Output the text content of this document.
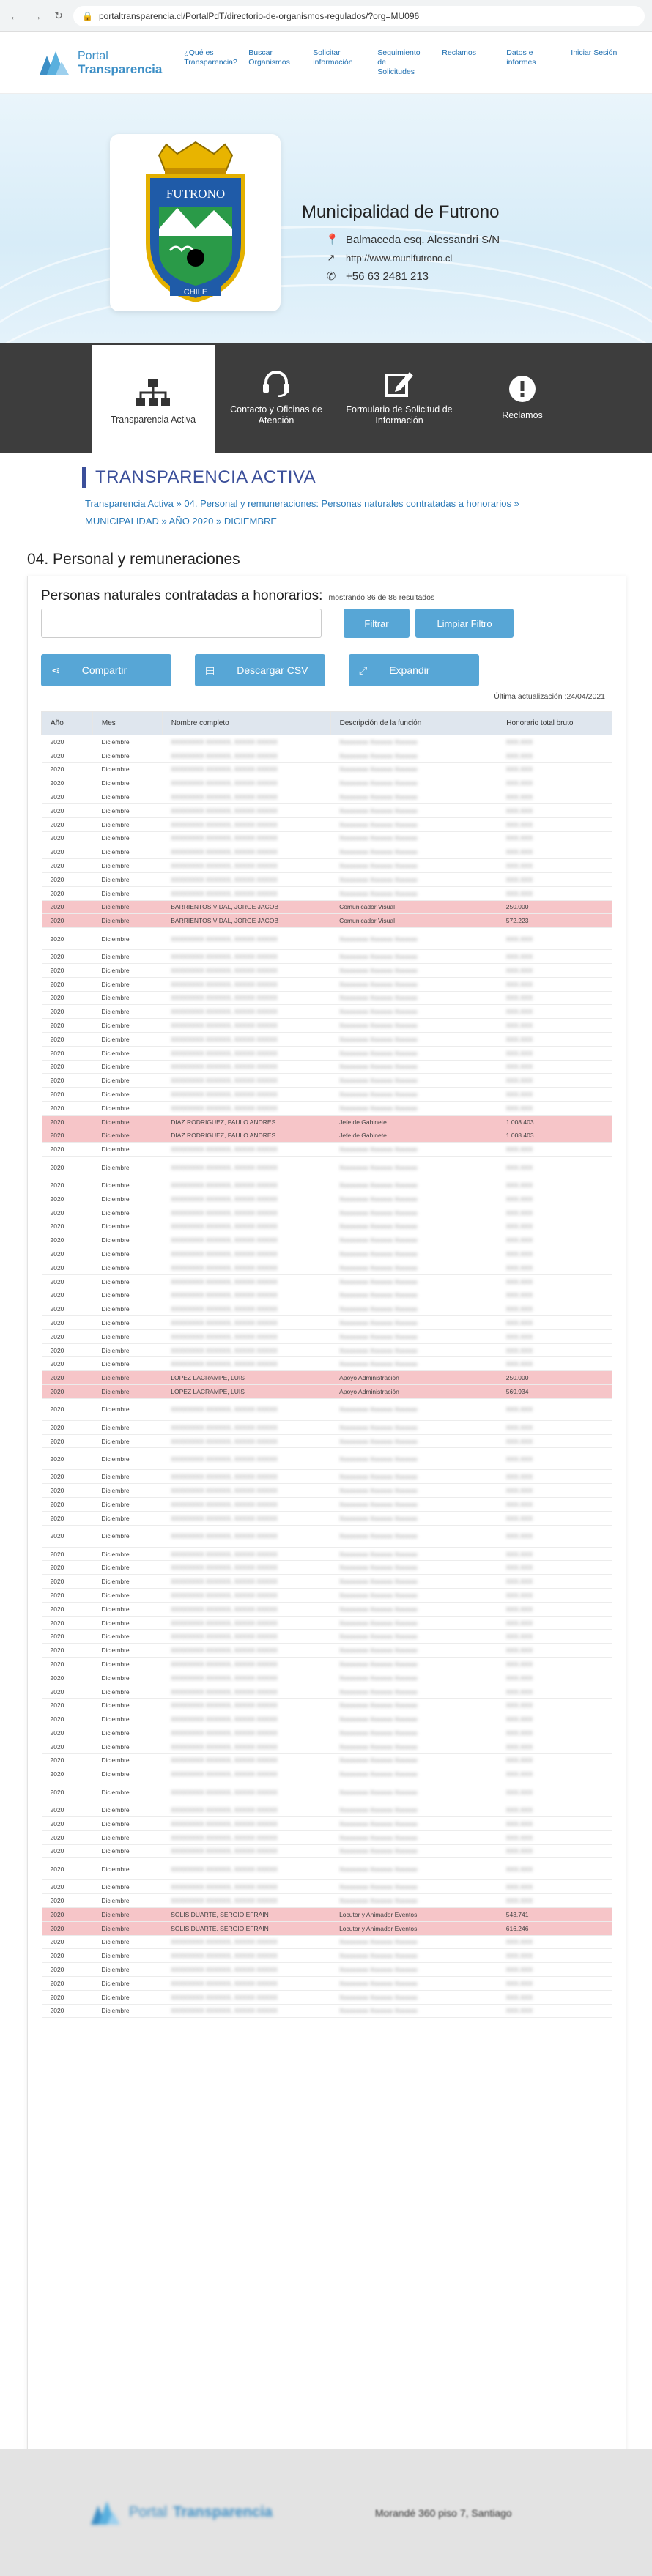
← → ↻	🔒 portaltransparencia.cl/PortalPdT/directorio-de-organismos-regulados/?org=MU096
Portal
Transparencia
¿Qué es Transparencia?
Buscar Organismos
Solicitar información
Seguimiento de Solicitudes
Reclamos	Datos e informes
Iniciar Sesión
FUTRONO
CHILE
Municipalidad de Futrono
📍 Balmaceda esq. Alessandri S/N
↗ http://www.munifutrono.cl
✆ +56 63 2481 213
Transparencia Activa
Contacto y Oficinas de Atención
Formulario de Solicitud de Información
Reclamos
TRANSPARENCIA ACTIVA
Transparencia Activa » 04. Personal y remuneraciones: Personas naturales contratadas a honorarios » MUNICIPALIDAD » AÑO 2020 » DICIEMBRE
04. Personal y remuneraciones
Personas naturales contratadas a honorarios: mostrando 86 de 86 resultados
Filtrar	Limpiar Filtro
⋖ Compartir	▤ Descargar CSV	⤢ Expandir
Última actualización :24/04/2021
Año	Mes	Nombre completo	Descripción de la función	Honorario total bruto
2020	Diciembre	XXXXXXXX XXXXXX, XXXXX XXXXX	Xxxxxxxxx Xxxxxxx Xxxxxxx	XXX.XXX
2020	Diciembre	XXXXXXXX XXXXXX, XXXXX XXXXX	Xxxxxxxxx Xxxxxxx Xxxxxxx	XXX.XXX
2020	Diciembre	XXXXXXXX XXXXXX, XXXXX XXXXX	Xxxxxxxxx Xxxxxxx Xxxxxxx	XXX.XXX
2020	Diciembre	XXXXXXXX XXXXXX, XXXXX XXXXX	Xxxxxxxxx Xxxxxxx Xxxxxxx	XXX.XXX
2020	Diciembre	XXXXXXXX XXXXXX, XXXXX XXXXX	Xxxxxxxxx Xxxxxxx Xxxxxxx	XXX.XXX
2020	Diciembre	XXXXXXXX XXXXXX, XXXXX XXXXX	Xxxxxxxxx Xxxxxxx Xxxxxxx	XXX.XXX
2020	Diciembre	XXXXXXXX XXXXXX, XXXXX XXXXX	Xxxxxxxxx Xxxxxxx Xxxxxxx	XXX.XXX
2020	Diciembre	XXXXXXXX XXXXXX, XXXXX XXXXX	Xxxxxxxxx Xxxxxxx Xxxxxxx	XXX.XXX
2020	Diciembre	XXXXXXXX XXXXXX, XXXXX XXXXX	Xxxxxxxxx Xxxxxxx Xxxxxxx	XXX.XXX
2020	Diciembre	XXXXXXXX XXXXXX, XXXXX XXXXX	Xxxxxxxxx Xxxxxxx Xxxxxxx	XXX.XXX
2020	Diciembre	XXXXXXXX XXXXXX, XXXXX XXXXX	Xxxxxxxxx Xxxxxxx Xxxxxxx	XXX.XXX
2020	Diciembre	XXXXXXXX XXXXXX, XXXXX XXXXX	Xxxxxxxxx Xxxxxxx Xxxxxxx	XXX.XXX
2020	Diciembre	BARRIENTOS VIDAL, JORGE JACOB	Comunicador Visual	250.000
2020	Diciembre	BARRIENTOS VIDAL, JORGE JACOB	Comunicador Visual	572.223
2020	Diciembre	XXXXXXXX XXXXXX, XXXXX XXXXX	Xxxxxxxxx Xxxxxxx Xxxxxxx	XXX.XXX
2020	Diciembre	XXXXXXXX XXXXXX, XXXXX XXXXX	Xxxxxxxxx Xxxxxxx Xxxxxxx	XXX.XXX
2020	Diciembre	XXXXXXXX XXXXXX, XXXXX XXXXX	Xxxxxxxxx Xxxxxxx Xxxxxxx	XXX.XXX
2020	Diciembre	XXXXXXXX XXXXXX, XXXXX XXXXX	Xxxxxxxxx Xxxxxxx Xxxxxxx	XXX.XXX
2020	Diciembre	XXXXXXXX XXXXXX, XXXXX XXXXX	Xxxxxxxxx Xxxxxxx Xxxxxxx	XXX.XXX
2020	Diciembre	XXXXXXXX XXXXXX, XXXXX XXXXX	Xxxxxxxxx Xxxxxxx Xxxxxxx	XXX.XXX
2020	Diciembre	XXXXXXXX XXXXXX, XXXXX XXXXX	Xxxxxxxxx Xxxxxxx Xxxxxxx	XXX.XXX
2020	Diciembre	XXXXXXXX XXXXXX, XXXXX XXXXX	Xxxxxxxxx Xxxxxxx Xxxxxxx	XXX.XXX
2020	Diciembre	XXXXXXXX XXXXXX, XXXXX XXXXX	Xxxxxxxxx Xxxxxxx Xxxxxxx	XXX.XXX
2020	Diciembre	XXXXXXXX XXXXXX, XXXXX XXXXX	Xxxxxxxxx Xxxxxxx Xxxxxxx	XXX.XXX
2020	Diciembre	XXXXXXXX XXXXXX, XXXXX XXXXX	Xxxxxxxxx Xxxxxxx Xxxxxxx	XXX.XXX
2020	Diciembre	XXXXXXXX XXXXXX, XXXXX XXXXX	Xxxxxxxxx Xxxxxxx Xxxxxxx	XXX.XXX
2020	Diciembre	XXXXXXXX XXXXXX, XXXXX XXXXX	Xxxxxxxxx Xxxxxxx Xxxxxxx	XXX.XXX
2020	Diciembre	DIAZ RODRIGUEZ, PAULO ANDRES	Jefe de Gabinete	1.008.403
2020	Diciembre	DIAZ RODRIGUEZ, PAULO ANDRES	Jefe de Gabinete	1.008.403
2020	Diciembre	XXXXXXXX XXXXXX, XXXXX XXXXX	Xxxxxxxxx Xxxxxxx Xxxxxxx	XXX.XXX
2020	Diciembre	XXXXXXXX XXXXXX, XXXXX XXXXX	Xxxxxxxxx Xxxxxxx Xxxxxxx	XXX.XXX
2020	Diciembre	XXXXXXXX XXXXXX, XXXXX XXXXX	Xxxxxxxxx Xxxxxxx Xxxxxxx	XXX.XXX
2020	Diciembre	XXXXXXXX XXXXXX, XXXXX XXXXX	Xxxxxxxxx Xxxxxxx Xxxxxxx	XXX.XXX
2020	Diciembre	XXXXXXXX XXXXXX, XXXXX XXXXX	Xxxxxxxxx Xxxxxxx Xxxxxxx	XXX.XXX
2020	Diciembre	XXXXXXXX XXXXXX, XXXXX XXXXX	Xxxxxxxxx Xxxxxxx Xxxxxxx	XXX.XXX
2020	Diciembre	XXXXXXXX XXXXXX, XXXXX XXXXX	Xxxxxxxxx Xxxxxxx Xxxxxxx	XXX.XXX
2020	Diciembre	XXXXXXXX XXXXXX, XXXXX XXXXX	Xxxxxxxxx Xxxxxxx Xxxxxxx	XXX.XXX
2020	Diciembre	XXXXXXXX XXXXXX, XXXXX XXXXX	Xxxxxxxxx Xxxxxxx Xxxxxxx	XXX.XXX
2020	Diciembre	XXXXXXXX XXXXXX, XXXXX XXXXX	Xxxxxxxxx Xxxxxxx Xxxxxxx	XXX.XXX
2020	Diciembre	XXXXXXXX XXXXXX, XXXXX XXXXX	Xxxxxxxxx Xxxxxxx Xxxxxxx	XXX.XXX
2020	Diciembre	XXXXXXXX XXXXXX, XXXXX XXXXX	Xxxxxxxxx Xxxxxxx Xxxxxxx	XXX.XXX
2020	Diciembre	XXXXXXXX XXXXXX, XXXXX XXXXX	Xxxxxxxxx Xxxxxxx Xxxxxxx	XXX.XXX
2020	Diciembre	XXXXXXXX XXXXXX, XXXXX XXXXX	Xxxxxxxxx Xxxxxxx Xxxxxxx	XXX.XXX
2020	Diciembre	XXXXXXXX XXXXXX, XXXXX XXXXX	Xxxxxxxxx Xxxxxxx Xxxxxxx	XXX.XXX
2020	Diciembre	XXXXXXXX XXXXXX, XXXXX XXXXX	Xxxxxxxxx Xxxxxxx Xxxxxxx	XXX.XXX
2020	Diciembre	LOPEZ LACRAMPE, LUIS	Apoyo Administración	250.000
2020	Diciembre	LOPEZ LACRAMPE, LUIS	Apoyo Administración	569.934
2020	Diciembre	XXXXXXXX XXXXXX, XXXXX XXXXX	Xxxxxxxxx Xxxxxxx Xxxxxxx	XXX.XXX
2020	Diciembre	XXXXXXXX XXXXXX, XXXXX XXXXX	Xxxxxxxxx Xxxxxxx Xxxxxxx	XXX.XXX
2020	Diciembre	XXXXXXXX XXXXXX, XXXXX XXXXX	Xxxxxxxxx Xxxxxxx Xxxxxxx	XXX.XXX
2020	Diciembre	XXXXXXXX XXXXXX, XXXXX XXXXX	Xxxxxxxxx Xxxxxxx Xxxxxxx	XXX.XXX
2020	Diciembre	XXXXXXXX XXXXXX, XXXXX XXXXX	Xxxxxxxxx Xxxxxxx Xxxxxxx	XXX.XXX
2020	Diciembre	XXXXXXXX XXXXXX, XXXXX XXXXX	Xxxxxxxxx Xxxxxxx Xxxxxxx	XXX.XXX
2020	Diciembre	XXXXXXXX XXXXXX, XXXXX XXXXX	Xxxxxxxxx Xxxxxxx Xxxxxxx	XXX.XXX
2020	Diciembre	XXXXXXXX XXXXXX, XXXXX XXXXX	Xxxxxxxxx Xxxxxxx Xxxxxxx	XXX.XXX
2020	Diciembre	XXXXXXXX XXXXXX, XXXXX XXXXX	Xxxxxxxxx Xxxxxxx Xxxxxxx	XXX.XXX
2020	Diciembre	XXXXXXXX XXXXXX, XXXXX XXXXX	Xxxxxxxxx Xxxxxxx Xxxxxxx	XXX.XXX
2020	Diciembre	XXXXXXXX XXXXXX, XXXXX XXXXX	Xxxxxxxxx Xxxxxxx Xxxxxxx	XXX.XXX
2020	Diciembre	XXXXXXXX XXXXXX, XXXXX XXXXX	Xxxxxxxxx Xxxxxxx Xxxxxxx	XXX.XXX
2020	Diciembre	XXXXXXXX XXXXXX, XXXXX XXXXX	Xxxxxxxxx Xxxxxxx Xxxxxxx	XXX.XXX
2020	Diciembre	XXXXXXXX XXXXXX, XXXXX XXXXX	Xxxxxxxxx Xxxxxxx Xxxxxxx	XXX.XXX
2020	Diciembre	XXXXXXXX XXXXXX, XXXXX XXXXX	Xxxxxxxxx Xxxxxxx Xxxxxxx	XXX.XXX
2020	Diciembre	XXXXXXXX XXXXXX, XXXXX XXXXX	Xxxxxxxxx Xxxxxxx Xxxxxxx	XXX.XXX
2020	Diciembre	XXXXXXXX XXXXXX, XXXXX XXXXX	Xxxxxxxxx Xxxxxxx Xxxxxxx	XXX.XXX
2020	Diciembre	XXXXXXXX XXXXXX, XXXXX XXXXX	Xxxxxxxxx Xxxxxxx Xxxxxxx	XXX.XXX
2020	Diciembre	XXXXXXXX XXXXXX, XXXXX XXXXX	Xxxxxxxxx Xxxxxxx Xxxxxxx	XXX.XXX
2020	Diciembre	XXXXXXXX XXXXXX, XXXXX XXXXX	Xxxxxxxxx Xxxxxxx Xxxxxxx	XXX.XXX
2020	Diciembre	XXXXXXXX XXXXXX, XXXXX XXXXX	Xxxxxxxxx Xxxxxxx Xxxxxxx	XXX.XXX
2020	Diciembre	XXXXXXXX XXXXXX, XXXXX XXXXX	Xxxxxxxxx Xxxxxxx Xxxxxxx	XXX.XXX
2020	Diciembre	XXXXXXXX XXXXXX, XXXXX XXXXX	Xxxxxxxxx Xxxxxxx Xxxxxxx	XXX.XXX
2020	Diciembre	XXXXXXXX XXXXXX, XXXXX XXXXX	Xxxxxxxxx Xxxxxxx Xxxxxxx	XXX.XXX
2020	Diciembre	XXXXXXXX XXXXXX, XXXXX XXXXX	Xxxxxxxxx Xxxxxxx Xxxxxxx	XXX.XXX
2020	Diciembre	XXXXXXXX XXXXXX, XXXXX XXXXX	Xxxxxxxxx Xxxxxxx Xxxxxxx	XXX.XXX
2020	Diciembre	XXXXXXXX XXXXXX, XXXXX XXXXX	Xxxxxxxxx Xxxxxxx Xxxxxxx	XXX.XXX
2020	Diciembre	XXXXXXXX XXXXXX, XXXXX XXXXX	Xxxxxxxxx Xxxxxxx Xxxxxxx	XXX.XXX
2020	Diciembre	XXXXXXXX XXXXXX, XXXXX XXXXX	Xxxxxxxxx Xxxxxxx Xxxxxxx	XXX.XXX
2020	Diciembre	XXXXXXXX XXXXXX, XXXXX XXXXX	Xxxxxxxxx Xxxxxxx Xxxxxxx	XXX.XXX
2020	Diciembre	XXXXXXXX XXXXXX, XXXXX XXXXX	Xxxxxxxxx Xxxxxxx Xxxxxxx	XXX.XXX
2020	Diciembre	XXXXXXXX XXXXXX, XXXXX XXXXX	Xxxxxxxxx Xxxxxxx Xxxxxxx	XXX.XXX
2020	Diciembre	XXXXXXXX XXXXXX, XXXXX XXXXX	Xxxxxxxxx Xxxxxxx Xxxxxxx	XXX.XXX
2020	Diciembre	XXXXXXXX XXXXXX, XXXXX XXXXX	Xxxxxxxxx Xxxxxxx Xxxxxxx	XXX.XXX
2020	Diciembre	SOLIS DUARTE, SERGIO EFRAIN	Locutor y Animador Eventos	543.741
2020	Diciembre	SOLIS DUARTE, SERGIO EFRAIN	Locutor y Animador Eventos	616.246
2020	Diciembre	XXXXXXXX XXXXXX, XXXXX XXXXX	Xxxxxxxxx Xxxxxxx Xxxxxxx	XXX.XXX
2020	Diciembre	XXXXXXXX XXXXXX, XXXXX XXXXX	Xxxxxxxxx Xxxxxxx Xxxxxxx	XXX.XXX
2020	Diciembre	XXXXXXXX XXXXXX, XXXXX XXXXX	Xxxxxxxxx Xxxxxxx Xxxxxxx	XXX.XXX
2020	Diciembre	XXXXXXXX XXXXXX, XXXXX XXXXX	Xxxxxxxxx Xxxxxxx Xxxxxxx	XXX.XXX
2020	Diciembre	XXXXXXXX XXXXXX, XXXXX XXXXX	Xxxxxxxxx Xxxxxxx Xxxxxxx	XXX.XXX
2020	Diciembre	XXXXXXXX XXXXXX, XXXXX XXXXX	Xxxxxxxxx Xxxxxxx Xxxxxxx	XXX.XXX
Portal Transparencia	Morandé 360 piso 7, Santiago
